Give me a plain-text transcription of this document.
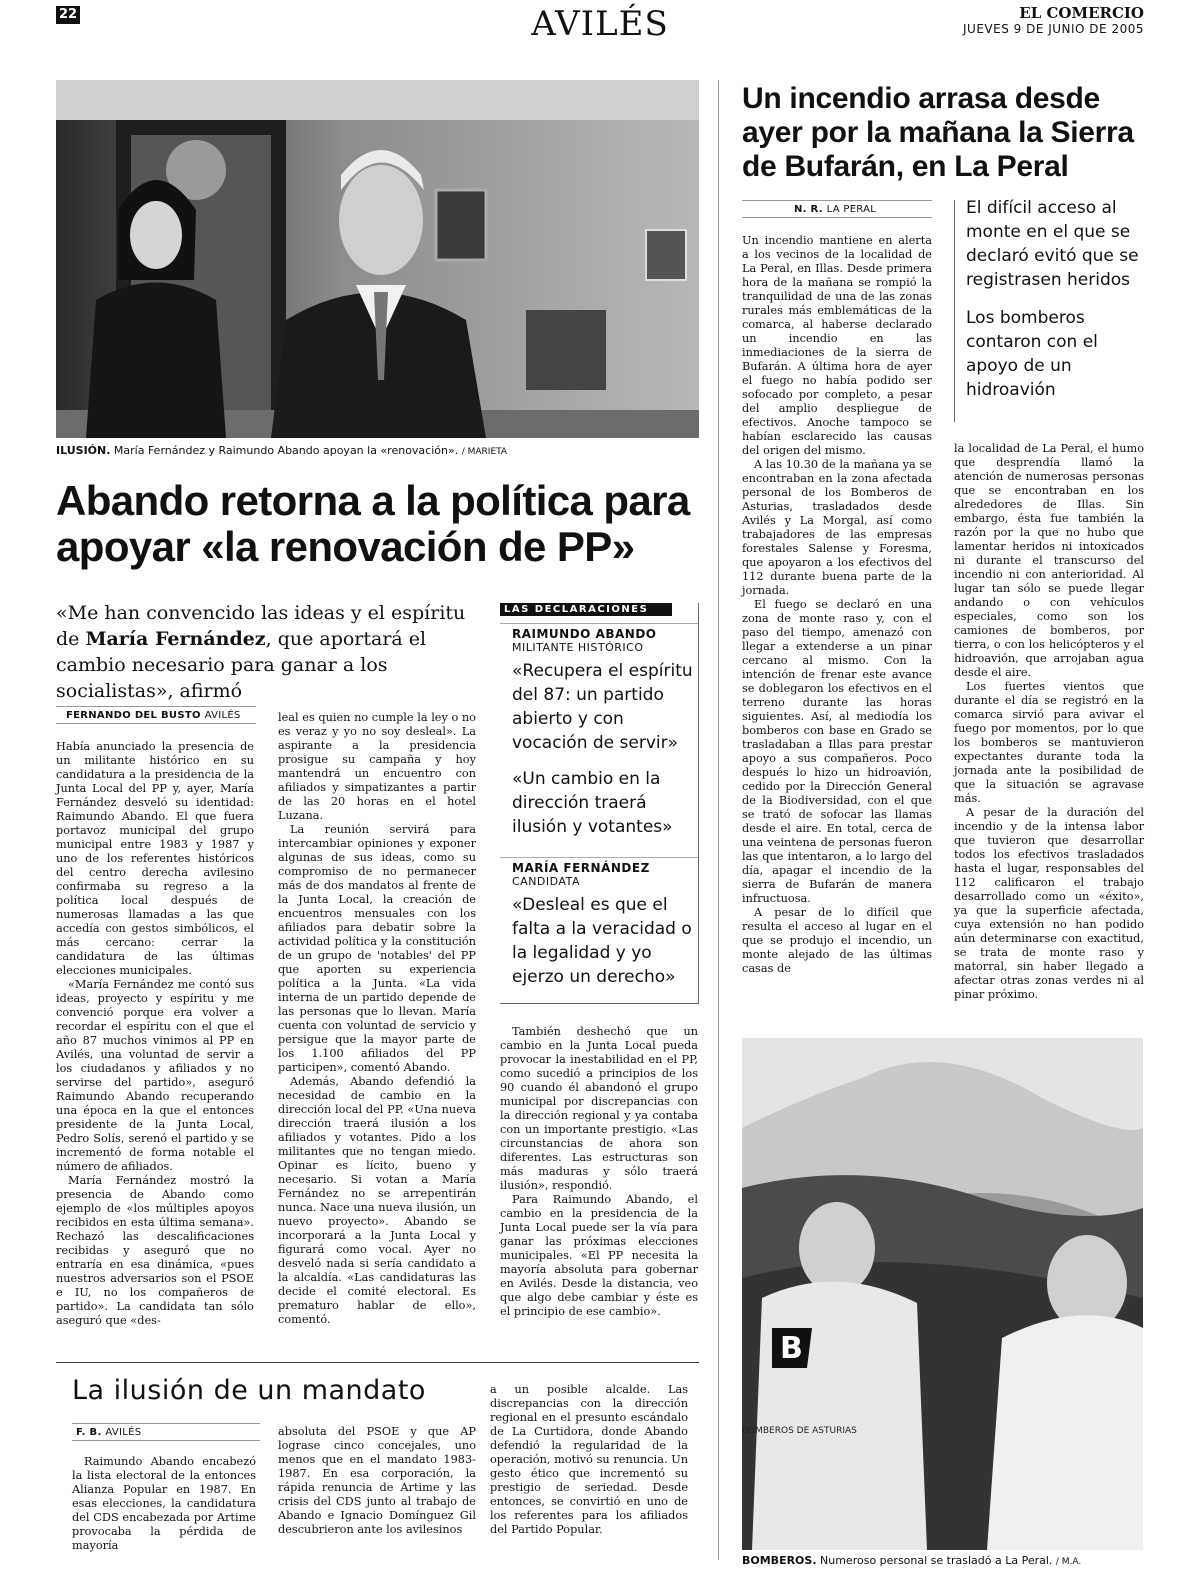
22	AVILÉS	EL COMERCIO
JUEVES 9 DE JUNIO DE 2005
ILUSIÓN. María Fernández y Raimundo Abando apoyan la «renovación». / MARIETA
Abando retorna a la política para apoyar «la renovación de PP»
«Me han convencido las ideas y el espíritu de María Fernández, que aportará el cambio necesario para ganar a los socialistas», afirmó
FERNANDO DEL BUSTO AVILÉS

Había anunciado la presencia de un militante histórico en su candidatura a la presidencia de la Junta Local del PP y, ayer, María Fernández desveló su identidad: Raimundo Abando. El que fuera portavoz municipal del grupo municipal entre 1983 y 1987 y uno de los referentes históricos del centro derecha avilesino confirmaba su regreso a la política local después de numerosas llamadas a las que accedía con gestos simbólicos, el más cercano: cerrar la candidatura de las últimas elecciones municipales.

«María Fernández me contó sus ideas, proyecto y espíritu y me convenció porque era volver a recordar el espíritu con el que el año 87 muchos vinimos al PP en Avilés, una voluntad de servir a los ciudadanos y afiliados y no servirse del partido», aseguró Raimundo Abando recuperando una época en la que el entonces presidente de la Junta Local, Pedro Solís, serenó el partido y se incrementó de forma notable el número de afiliados.

María Fernández mostró la presencia de Abando como ejemplo de «los múltiples apoyos recibidos en esta última semana». Rechazó las descalificaciones recibidas y aseguró que no entraría en esa dinámica, «pues nuestros adversarios son el PSOE e IU, no los compañeros de partido». La candidata tan sólo aseguró que «des-

leal es quien no cumple la ley o no es veraz y yo no soy desleal». La aspirante a la presidencia prosigue su campaña y hoy mantendrá un encuentro con afiliados y simpatizantes a partir de las 20 horas en el hotel Luzana.

La reunión servirá para intercambiar opiniones y exponer algunas de sus ideas, como su compromiso de no permanecer más de dos mandatos al frente de la Junta Local, la creación de encuentros mensuales con los afiliados para debatir sobre la actividad política y la constitución de un grupo de 'notables' del PP que aporten su experiencia política a la Junta. «La vida interna de un partido depende de las personas que lo llevan. María cuenta con voluntad de servicio y persigue que la mayor parte de los 1.100 afiliados del PP participen», comentó Abando.

Además, Abando defendió la necesidad de cambio en la dirección local del PP. «Una nueva dirección traerá ilusión a los afiliados y votantes. Pido a los militantes que no tengan miedo. Opinar es lícito, bueno y necesario. Si votan a María Fernández no se arrepentirán nunca. Nace una nueva ilusión, un nuevo proyecto». Abando se incorporará a la Junta Local y figurará como vocal. Ayer no desveló nada si sería candidato a la alcaldía. «Las candidaturas las decide el comité electoral. Es prematuro hablar de ello», comentó.

También deshechó que un cambio en la Junta Local pueda provocar la inestabilidad en el PP, como sucedió a principios de los 90 cuando él abandonó el grupo municipal por discrepancias con la dirección regional y ya contaba con un importante prestigio. «Las circunstancias de ahora son diferentes. Las estructuras son más maduras y sólo traerá ilusión», respondió.

Para Raimundo Abando, el cambio en la presidencia de la Junta Local puede ser la vía para ganar las próximas elecciones municipales. «El PP necesita la mayoría absoluta para gobernar en Avilés. Desde la distancia, veo que algo debe cambiar y éste es el principio de ese cambio».

LAS DECLARACIONES
RAIMUNDO ABANDO
MILITANTE HISTÓRICO
«Recupera el espíritu del 87: un partido abierto y con vocación de servir»
«Un cambio en la dirección traerá ilusión y votantes»
MARÍA FERNÁNDEZ
CANDIDATA
«Desleal es que el falta a la veracidad o la legalidad y yo ejerzo un derecho»
La ilusión de un mandato
F. B. AVILÉS

Raimundo Abando encabezó la lista electoral de la entonces Alianza Popular en 1987. En esas elecciones, la candidatura del CDS encabezada por Artime provocaba la pérdida de mayoría

absoluta del PSOE y que AP lograse cinco concejales, uno menos que en el mandato 1983-1987. En esa corporación, la rápida renuncia de Artime y las crisis del CDS junto al trabajo de Abando e Ignacio Domínguez Gil descubrieron ante los avilesinos

a un posible alcalde. Las discrepancias con la dirección regional en el presunto escándalo de La Curtidora, donde Abando defendió la regularidad de la operación, motivó su renuncia. Un gesto ético que incrementó su prestigio de seriedad. Desde entonces, se convirtió en uno de los referentes para los afiliados del Partido Popular.

Un incendio arrasa desde ayer por la mañana la Sierra de Bufarán, en La Peral
N. R. LA PERAL	El difícil acceso al monte en el que se declaró evitó que se registrasen heridos
Los bomberos contaron con el apoyo de un hidroavión

Un incendio mantiene en alerta a los vecinos de la localidad de La Peral, en Illas. Desde primera hora de la mañana se rompió la tranquilidad de una de las zonas rurales más emblemáticas de la comarca, al haberse declarado un incendio en las inmediaciones de la sierra de Bufarán. A última hora de ayer el fuego no había podido ser sofocado por completo, a pesar del amplio despliegue de efectivos. Anoche tampoco se habían esclarecido las causas del origen del mismo.

A las 10.30 de la mañana ya se encontraban en la zona afectada personal de los Bomberos de Asturias, trasladados desde Avilés y La Morgal, así como trabajadores de las empresas forestales Salense y Foresma, que apoyaron a los efectivos del 112 durante buena parte de la jornada.

El fuego se declaró en una zona de monte raso y, con el paso del tiempo, amenazó con llegar a extenderse a un pinar cercano al mismo. Con la intención de frenar este avance se doblegaron los efectivos en el terreno durante las horas siguientes. Así, al mediodía los bomberos con base en Grado se trasladaban a Illas para prestar apoyo a sus compañeros. Poco después lo hizo un hidroavión, cedido por la Dirección General de la Biodiversidad, con el que se trató de sofocar las llamas desde el aire. En total, cerca de una veintena de personas fueron las que intentaron, a lo largo del día, apagar el incendio de la sierra de Bufarán de manera infructuosa.

A pesar de lo difícil que resulta el acceso al lugar en el que se produjo el incendio, un monte alejado de las últimas casas de

la localidad de La Peral, el humo que desprendía llamó la atención de numerosas personas que se encontraban en los alrededores de Illas. Sin embargo, ésta fue también la razón por la que no hubo que lamentar heridos ni intoxicados ni durante el transcurso del incendio ni con anterioridad. Al lugar tan sólo se puede llegar andando o con vehículos especiales, como son los camiones de bomberos, por tierra, o con los helicópteros y el hidroavión, que arrojaban agua desde el aire.

Los fuertes vientos que durante el día se registró en la comarca sirvió para avivar el fuego por momentos, por lo que los bomberos se mantuvieron expectantes durante toda la jornada ante la posibilidad de que la situación se agravase más.

A pesar de la duración del incendio y de la intensa labor que tuvieron que desarrollar todos los efectivos trasladados hasta el lugar, responsables del 112 calificaron el trabajo desarrollado como un «éxito», ya que la superficie afectada, cuya extensión no han podido aún determinarse con exactitud, se trata de monte raso y matorral, sin haber llegado a afectar otras zonas verdes ni al pinar próximo.

B
BOMBEROS DE ASTURIAS
BOMBEROS. Numeroso personal se trasladó a La Peral. / M.A.
